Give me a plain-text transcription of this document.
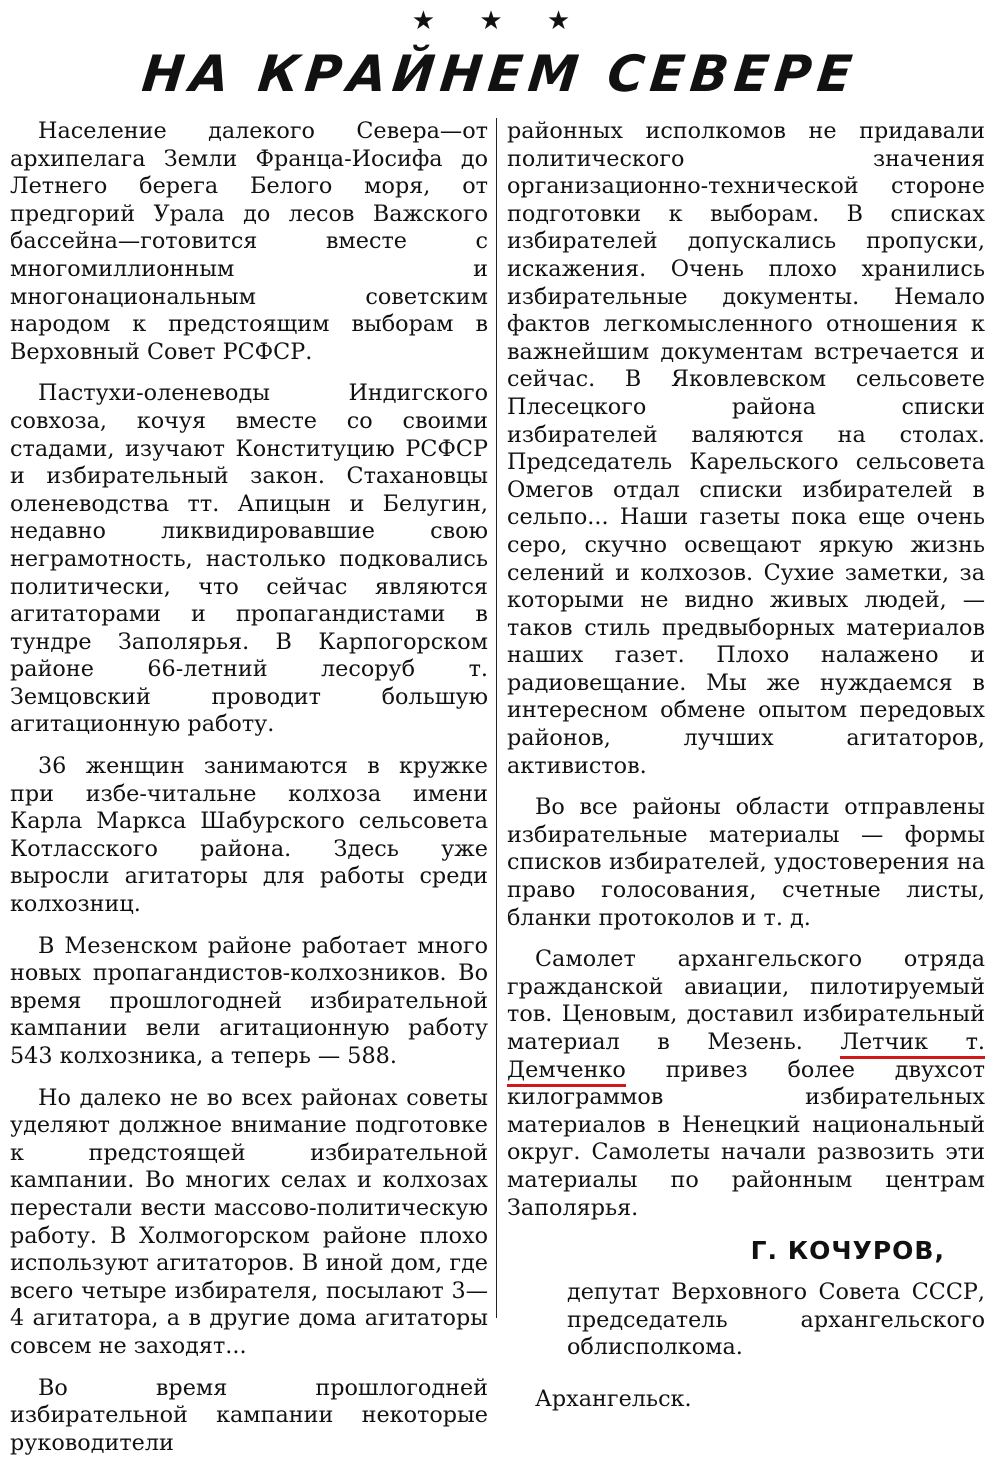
★ ★ ★
НА КРАЙНЕМ СЕВЕРЕ

Население далекого Севера—от архипелага Земли Франца-Иосифа до Летнего берега Белого моря, от предгорий Урала до лесов Важского бассейна—готовится вместе с многомиллионным и многонациональным советским народом к предстоящим выборам в Верховный Совет РСФСР.

Пастухи-оленеводы Индигского совхоза, кочуя вместе со своими стадами, изучают Конституцию РСФСР и избирательный закон. Стахановцы оленеводства тт. Апицын и Белугин, недавно ликвидировавшие свою неграмотность, настолько подковались политически, что сейчас являются агитаторами и пропагандистами в тундре Заполярья. В Карпогорском районе 66-летний лесоруб т. Земцовский проводит большую агитационную работу.

36 женщин занимаются в кружке при избе-читальне колхоза имени Карла Маркса Шабурского сельсовета Котласского района. Здесь уже выросли агитаторы для работы среди колхозниц.

В Мезенском районе работает много новых пропагандистов-колхозников. Во время прошлогодней избирательной кампании вели агитационную работу 543 колхозника, а теперь — 588.

Но далеко не во всех районах советы уделяют должное внимание подготовке к предстоящей избирательной кампании. Во многих селах и колхозах перестали вести массово-политическую работу. В Холмогорском районе плохо используют агитаторов. В иной дом, где всего четыре избирателя, посылают 3—4 агитатора, а в другие дома агитаторы совсем не заходят...

Во время прошлогодней избирательной кампании некоторые руководители

районных исполкомов не придавали политического значения организационно-технической стороне подготовки к выборам. В списках избирателей допускались пропуски, искажения. Очень плохо хранились избирательные документы. Немало фактов легкомысленного отношения к важнейшим документам встречается и сейчас. В Яковлевском сельсовете Плесецкого района списки избирателей валяются на столах. Председатель Карельского сельсовета Омегов отдал списки избирателей в сельпо... Наши газеты пока еще очень серо, скучно освещают яркую жизнь селений и колхозов. Сухие заметки, за которыми не видно живых людей, — таков стиль предвыборных материалов наших газет. Плохо налажено и радиовещание. Мы же нуждаемся в интересном обмене опытом передовых районов, лучших агитаторов, активистов.

Во все районы области отправлены избирательные материалы — формы списков избирателей, удостоверения на право голосования, счетные листы, бланки протоколов и т. д.

Самолет архангельского отряда гражданской авиации, пилотируемый тов. Ценовым, доставил избирательный материал в Мезень. Летчик т. Демченко привез более двухсот килограммов избирательных материалов в Ненецкий национальный округ. Самолеты начали развозить эти материалы по районным центрам Заполярья.

Г. КОЧУРОВ,
депутат Верховного Совета СССР, председатель архангельского облисполкома.
Архангельск.
